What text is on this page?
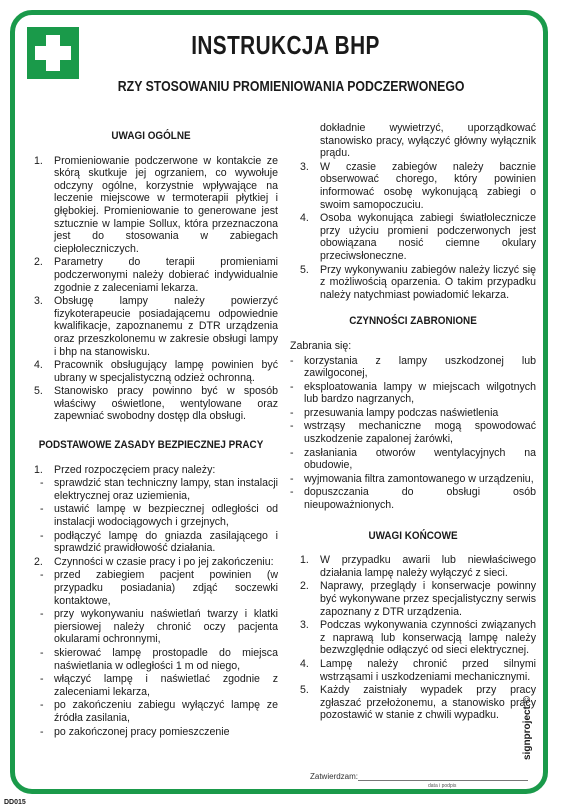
INSTRUKCJA BHP
RZY STOSOWANIU PROMIENIOWANIA PODCZERWONEGO
UWAGI OGÓLNE
1.	Promieniowanie podczerwone w kontakcie ze skórą skutkuje jej ogrzaniem, co wywołuje odczyny ogólne, korzystnie wpływające na leczenie miejscowe w termoterapii płytkiej i głębokiej. Promieniowanie to generowane jest sztucznie w lampie Sollux, która przeznaczona jest do stosowania w zabiegach ciepłoleczniczych.
2.	Parametry do terapii promieniami podczerwonymi należy dobierać indywidualnie zgodnie z zaleceniami lekarza.
3.	Obsługę lampy należy powierzyć fizykoterapeucie posiadającemu odpowiednie kwalifikacje, zapoznanemu z DTR urządzenia oraz przeszkolonemu w zakresie obsługi lampy i bhp na stanowisku.
4.	Pracownik obsługujący lampę powinien być ubrany w specjalistyczną odzież ochronną.
5.	Stanowisko pracy powinno być w sposób właściwy oświetlone, wentylowane oraz zapewniać swobodny dostęp dla obsługi.
PODSTAWOWE ZASADY BEZPIECZNEJ PRACY
1.	Przed rozpoczęciem pracy należy:
- sprawdzić stan techniczny lampy, stan instalacji elektrycznej oraz uziemienia,
- ustawić lampę w bezpiecznej odległości od instalacji wodociągowych i grzejnych,
- podłączyć lampę do gniazda zasilającego i sprawdzić prawidłowość działania.
2.	Czynności w czasie pracy i po jej zakończeniu:
- przed zabiegiem pacjent powinien (w przypadku posiadania) zdjąć soczewki kontaktowe,
- przy wykonywaniu naświetlań twarzy i klatki piersiowej należy chronić oczy pacjenta okularami ochronnymi,
- skierować lampę prostopadle do miejsca naświetlania w odległości 1 m od niego,
- włączyć lampę i naświetlać zgodnie z zaleceniami lekarza,
- po zakończeniu zabiegu wyłączyć lampę ze źródła zasilania,
- po zakończonej pracy pomieszczenie
dokładnie wywietrzyć, uporządkować stanowisko pracy, wyłączyć główny wyłącznik prądu.
3.	W czasie zabiegów należy bacznie obserwować chorego, który powinien informować osobę wykonującą zabiegi o swoim samopoczuciu.
4.	Osoba wykonująca zabiegi światłolecznicze przy użyciu promieni podczerwonych jest obowiązana nosić ciemne okulary przeciwsłoneczne.
5.	Przy wykonywaniu zabiegów należy liczyć się z możliwością oparzenia. O takim przypadku należy natychmiast powiadomić lekarza.
CZYNNOŚCI ZABRONIONE
Zabrania się:
- korzystania z lampy uszkodzonej lub zawilgoconej,
- eksploatowania lampy w miejscach wilgotnych lub bardzo nagrzanych,
- przesuwania lampy podczas naświetlenia
- wstrząsy mechaniczne mogą spowodować uszkodzenie zapalonej żarówki,
- zasłaniania otworów wentylacyjnych na obudowie,
- wyjmowania filtra zamontowanego w urządzeniu,
- dopuszczania do obsługi osób nieupoważnionych.
UWAGI KOŃCOWE
1.	W przypadku awarii lub niewłaściwego działania lampę należy wyłączyć z sieci.
2.	Naprawy, przeglądy i konserwacje powinny być wykonywane przez specjalistyczny serwis zapoznany z DTR urządzenia.
3.	Podczas wykonywania czynności związanych z naprawą lub konserwacją lampę należy bezwzględnie odłączyć od sieci elektrycznej.
4.	Lampę należy chronić przed silnymi wstrząsami i uszkodzeniami mechanicznymi.
5.	Każdy zaistniały wypadek przy pracy zgłaszać przełożonemu, a stanowisko pracy pozostawić w stanie z chwili wypadku.
Zatwierdzam:
data i podpis
signproject ©
DD015
